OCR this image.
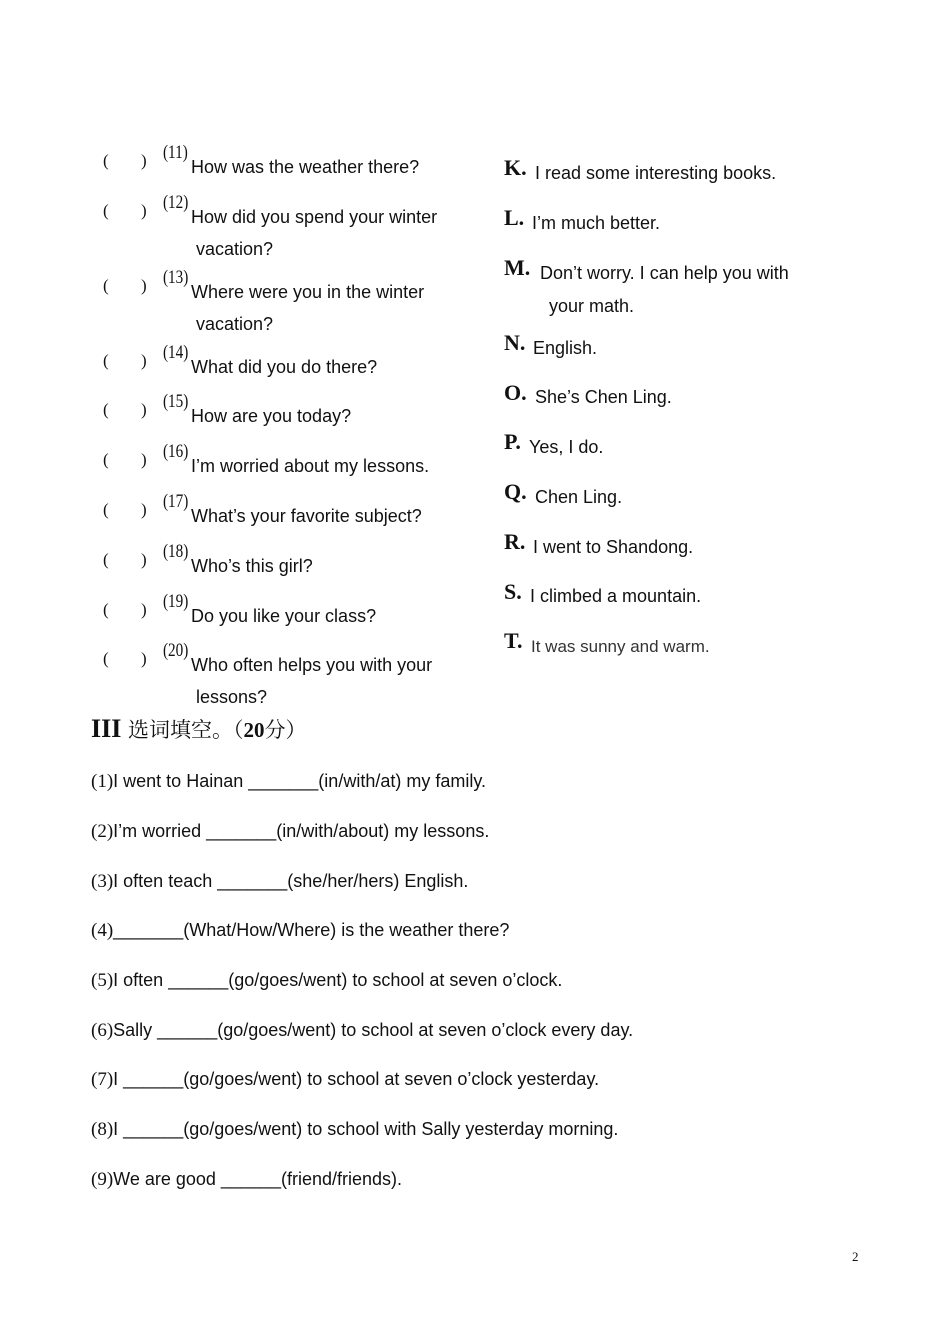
( ) (11)
How was the weather there?
( ) (12)
How did you spend your winter
vacation?
( ) (13)
Where were you in the winter
vacation?
( ) (14)
What did you do there?
( ) (15)
How are you today?
( ) (16)
I’m worried about my lessons.
( ) (17)
What’s your favorite subject?
( ) (18)
Who’s this girl?
( ) (19)
Do you like your class?
( ) (20)
Who often helps you with your
lessons?
K. I read some interesting books.
L. I’m much better.
M. Don’t worry. I can help you with
your math.
N. English.
O. She’s Chen Ling.
P. Yes, I do.
Q. Chen Ling.
R. I went to Shandong.
S. I climbed a mountain.
T. It was sunny and warm.
III 选词填空。（20分）
(1)I went to Hainan _______(in/with/at) my family.
(2)I’m worried _______(in/with/about) my lessons.
(3)I often teach _______(she/her/hers) English.
(4)_______(What/How/Where) is the weather there?
(5)I often ______(go/goes/went) to school at seven o’clock.
(6)Sally ______(go/goes/went) to school at seven o’clock every day.
(7)I ______(go/goes/went) to school at seven o’clock yesterday.
(8)I ______(go/goes/went) to school with Sally yesterday morning.
(9)We are good ______(friend/friends).
2
